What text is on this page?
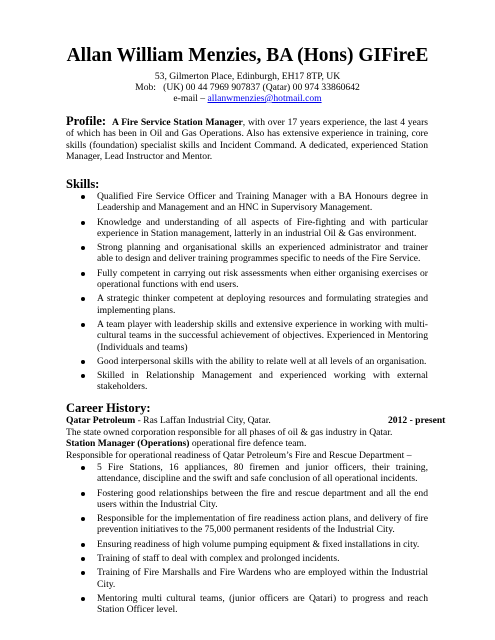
Allan William Menzies, BA (Hons) GIFireE
53, Gilmerton Place, Edinburgh, EH17 8TP, UK
Mob:   (UK) 00 44 7969 907837 (Qatar) 00 974 33860642
e-mail – allanwmenzies@hotmail.com
Profile: A Fire Service Station Manager, with over 17 years experience, the last 4 years of which has been in Oil and Gas Operations. Also has extensive experience in training, core skills (foundation) specialist skills and Incident Command. A dedicated, experienced Station Manager, Lead Instructor and Mentor.
Skills:
Qualified Fire Service Officer and Training Manager with a BA Honours degree in Leadership and Management and an HNC in Supervisory Management.
Knowledge and understanding of all aspects of Fire-fighting and with particular experience in Station management, latterly in an industrial Oil & Gas environment.
Strong planning and organisational skills an experienced administrator and trainer able to design and deliver training programmes specific to needs of the Fire Service.
Fully competent in carrying out risk assessments when either organising exercises or operational functions with end users.
A strategic thinker competent at deploying resources and formulating strategies and implementing plans.
A team player with leadership skills and extensive experience in working with multi-cultural teams in the successful achievement of objectives. Experienced in Mentoring (Individuals and teams)
Good interpersonal skills with the ability to relate well at all levels of an organisation.
Skilled in Relationship Management and experienced working with external stakeholders.
Career History:
Qatar Petroleum - Ras Laffan Industrial City, Qatar.	2012 - present
The state owned corporation responsible for all phases of oil & gas industry in Qatar.
Station Manager (Operations) operational fire defence team.
Responsible for operational readiness of Qatar Petroleum’s Fire and Rescue Department –
5 Fire Stations, 16 appliances, 80 firemen and junior officers, their training, attendance, discipline and the swift and safe conclusion of all operational incidents.
Fostering good relationships between the fire and rescue department and all the end users within the Industrial City.
Responsible for the implementation of fire readiness action plans, and delivery of fire prevention initiatives to the 75,000 permanent residents of the Industrial City.
Ensuring readiness of high volume pumping equipment & fixed installations in city.
Training of staff to deal with complex and prolonged incidents.
Training of Fire Marshalls and Fire Wardens who are employed within the Industrial City.
Mentoring multi cultural teams, (junior officers are Qatari) to progress and reach Station Officer level.
